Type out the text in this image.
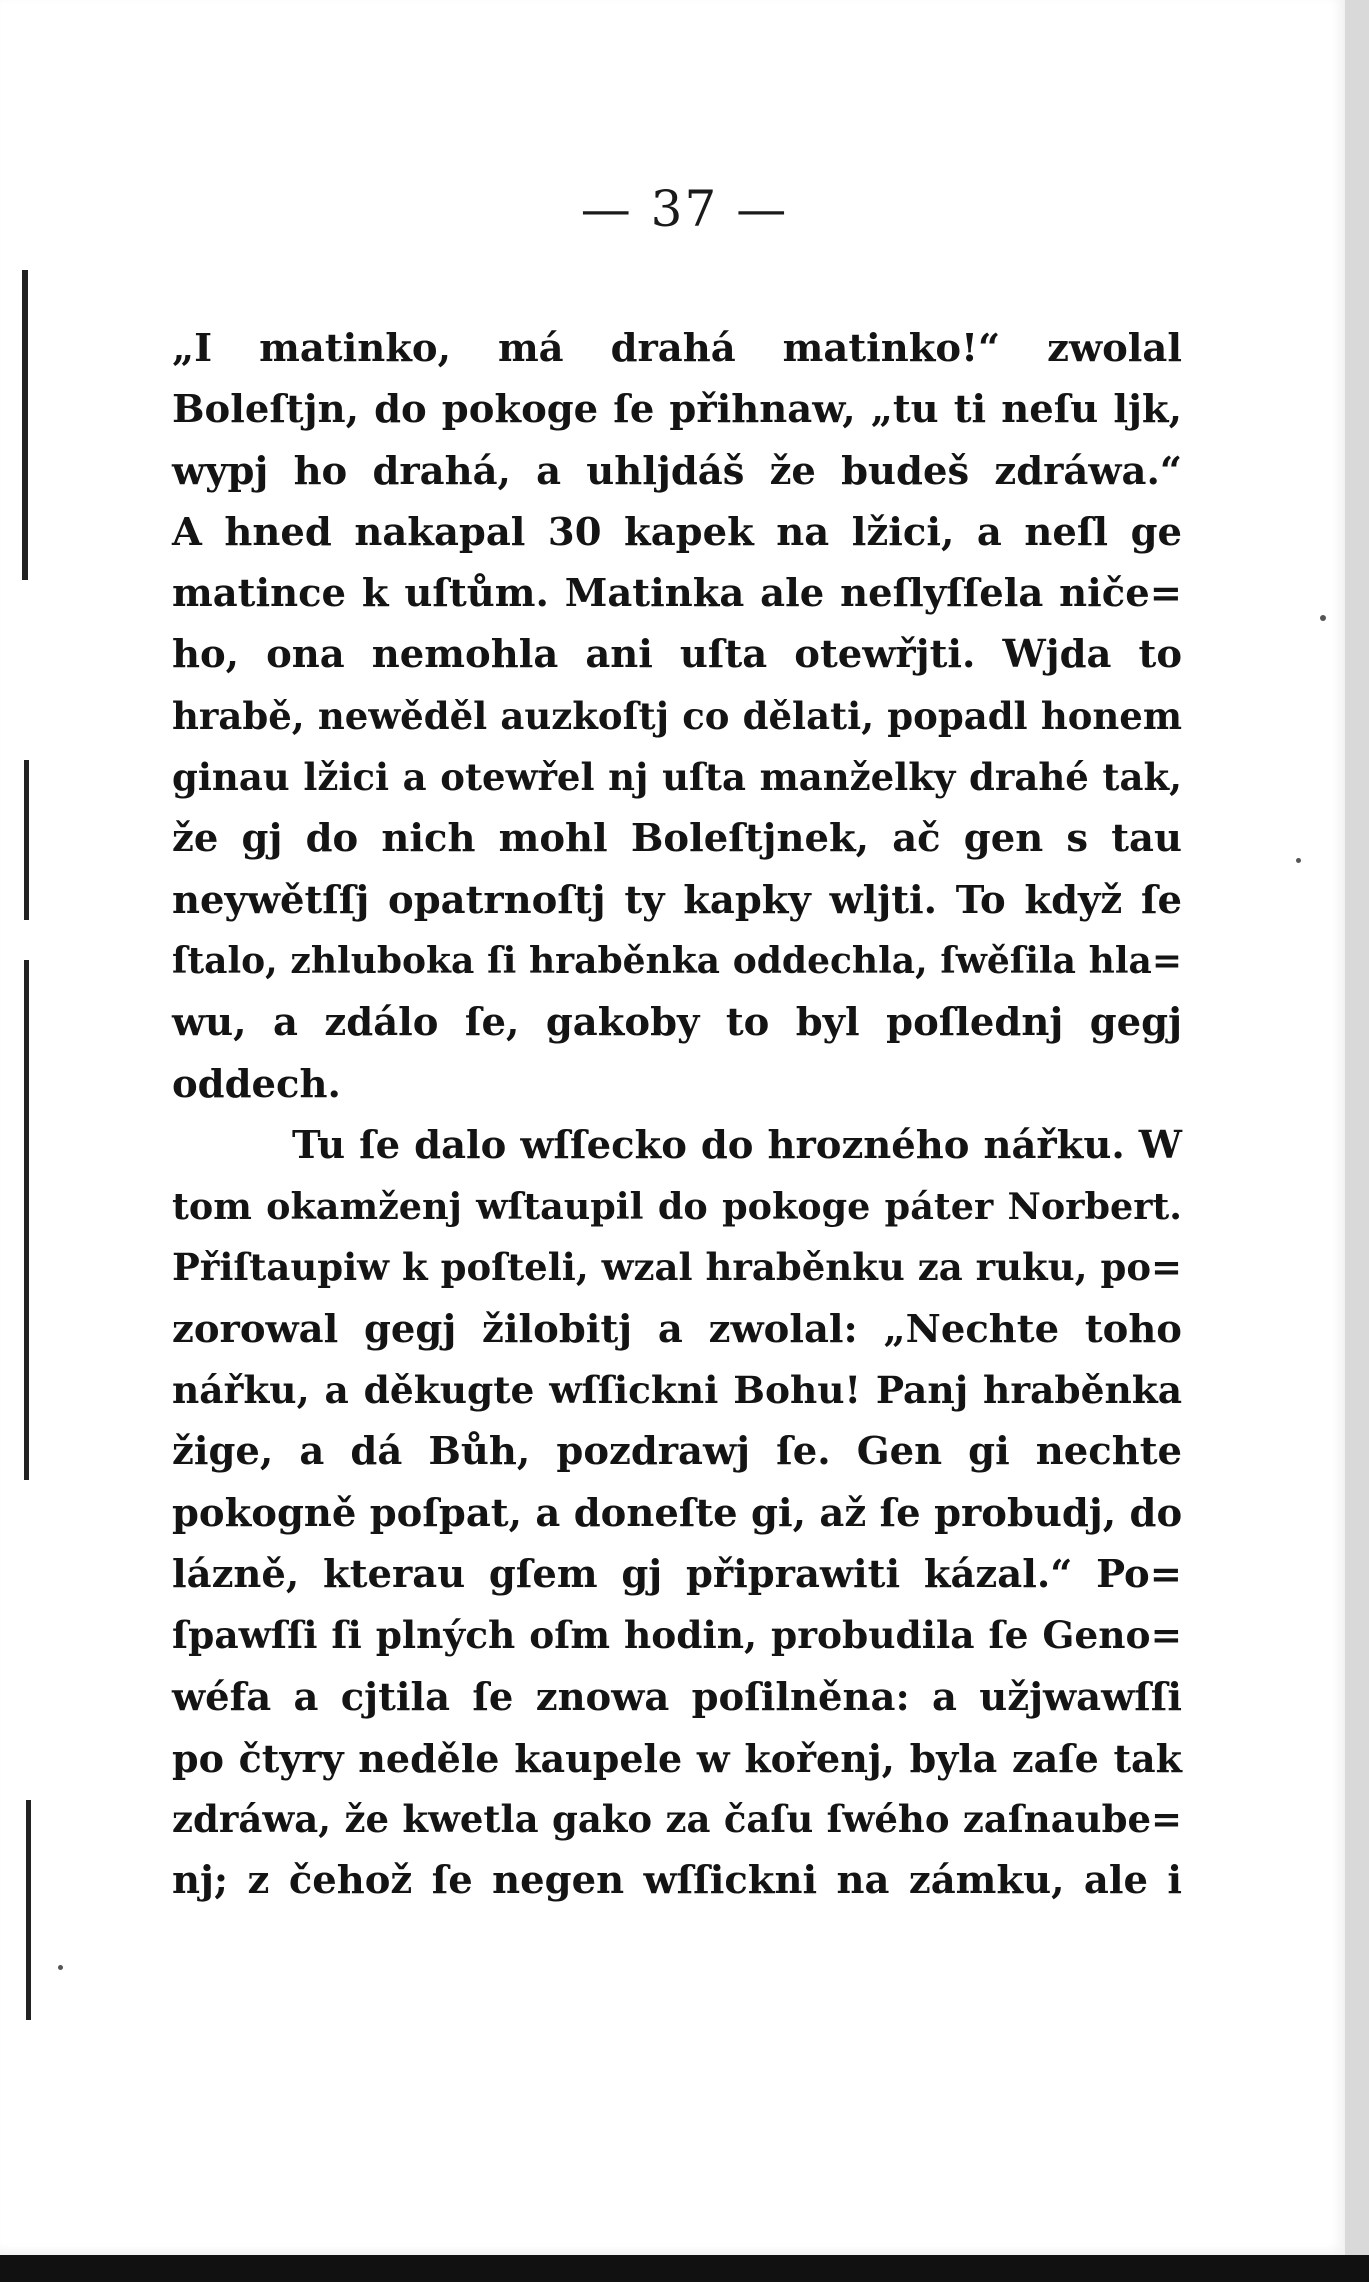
— 37 —
„I matinko, má drahá matinko!“ zwolal
Boleſtjn, do pokoge ſe přihnaw, „tu ti neſu ljk,
wypj ho drahá, a uhljdáš že budeš zdráwa.“
A hned nakapal 30 kapek na lžici, a neſl ge
matince k uſtům. Matinka ale neſlyſſela niče=
ho, ona nemohla ani uſta otewřjti. Wjda to
hrabě, newěděl auzkoſtj co dělati, popadl honem
ginau lžici a otewřel nj uſta manželky drahé tak,
že gj do nich mohl Boleſtjnek, ač gen s tau
neywětſſj opatrnoſtj ty kapky wljti. To když ſe
ſtalo, zhluboka ſi hraběnka oddechla, ſwěſila hla=
wu, a zdálo ſe, gakoby to byl poſlednj gegj
oddech.
Tu ſe dalo wſſecko do hrozného nářku. W
tom okamženj wſtaupil do pokoge páter Norbert.
Přiſtaupiw k poſteli, wzal hraběnku za ruku, po=
zorowal gegj žilobitj a zwolal: „Nechte toho
nářku, a děkugte wſſickni Bohu! Panj hraběnka
žige, a dá Bůh, pozdrawj ſe. Gen gi nechte
pokogně poſpat, a doneſte gi, až ſe probudj, do
lázně, kterau gſem gj připrawiti kázal.“ Po=
ſpawſſi ſi plných oſm hodin, probudila ſe Geno=
wéfa a cjtila ſe znowa poſilněna: a užjwawſſi
po čtyry neděle kaupele w kořenj, byla zaſe tak
zdráwa, že kwetla gako za čaſu ſwého zaſnaube=
nj; z čehož ſe negen wſſickni na zámku, ale i
